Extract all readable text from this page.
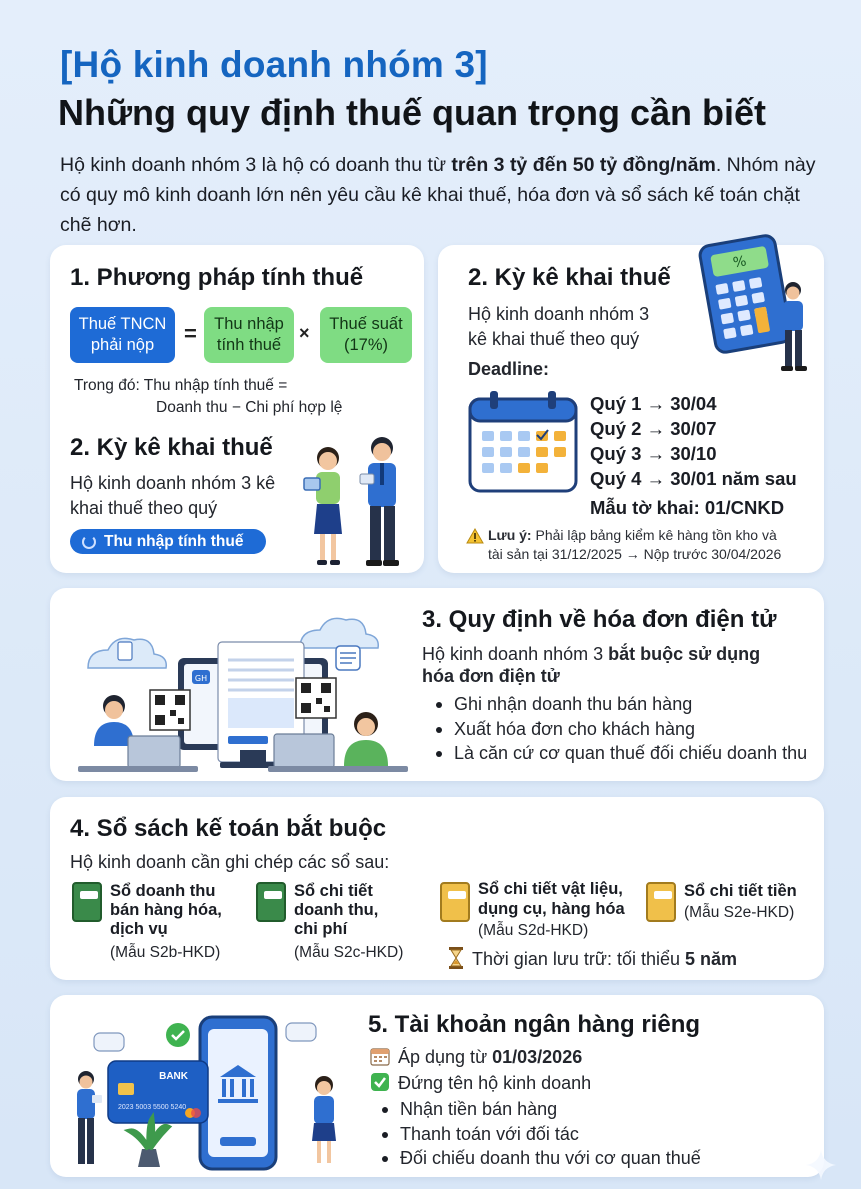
[Hộ kinh doanh nhóm 3]
Những quy định thuế quan trọng cần biết
Hộ kinh doanh nhóm 3 là hộ có doanh thu từ trên 3 tỷ đến 50 tỷ đồng/năm. Nhóm này có quy mô kinh doanh lớn nên yêu cầu kê khai thuế, hóa đơn và sổ sách kế toán chặt chẽ hơn.
1. Phương pháp tính thuế
Thuế TNCN phải nộp	=	Thu nhập tính thuế
×	Thuế suất (17%)
Trong đó: Thu nhập tính thuế =
Doanh thu − Chi phí hợp lệ
2. Kỳ kê khai thuế
Hộ kinh doanh nhóm 3 kê
khai thuế theo quý
Thu nhập tính thuế
2. Kỳ kê khai thuế
Hộ kinh doanh nhóm 3
kê khai thuế theo quý
Deadline:
Quý 1 → 30/04
Quý 2 → 30/07
Quý 3 → 30/10
Quý 4 → 30/01 năm sau
Mẫu tờ khai: 01/CNKD
Lưu ý: Phải lập bảng kiểm kê hàng tồn kho và
tài sản tại 31/12/2025 → Nộp trước 30/04/2026
%
GH
3. Quy định về hóa đơn điện tử
Hộ kinh doanh nhóm 3 bắt buộc sử dụng
hóa đơn điện tử
Ghi nhận doanh thu bán hàng
Xuất hóa đơn cho khách hàng
Là căn cứ cơ quan thuế đối chiếu doanh thu
4. Sổ sách kế toán bắt buộc
Hộ kinh doanh cần ghi chép các sổ sau:
Sổ doanh thu
bán hàng hóa,
dịch vụ
(Mẫu S2b-HKD)
Sổ chi tiết
doanh thu,
chi phí
(Mẫu S2c-HKD)
Sổ chi tiết vật liệu,
dụng cụ, hàng hóa
(Mẫu S2d-HKD)
Sổ chi tiết tiền
(Mẫu S2e-HKD)
Thời gian lưu trữ: tối thiểu 5 năm
BANK
2023 5003 5500 5240
5. Tài khoản ngân hàng riêng
Áp dụng từ 01/03/2026
Đứng tên hộ kinh doanh
Nhận tiền bán hàng
Thanh toán với đối tác
Đối chiếu doanh thu với cơ quan thuế
